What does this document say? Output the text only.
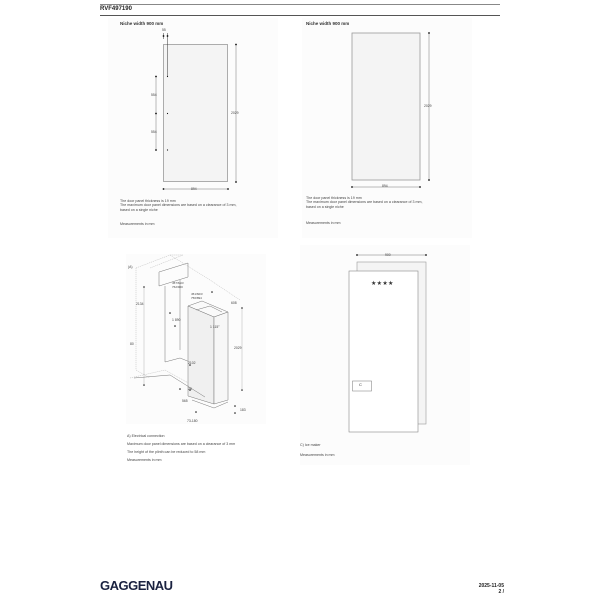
RVF497190
Niche width 900 mm
55
554
554
2029
894
The door panel thickness is 19 mm
The maximum door panel dimensions are based on a clearance of 3 mm,
based on a single niche
Measurements in mm
Niche width 900 mm
2029
894
The door panel thickness is 19 mm
The maximum door panel dimensions are based on a clearance of 3 mm,
based on a single niche
Measurements in mm
(A)
457/610/ 762/900
451/603/ 756/894
608
2134
1 890
2029
1 115°
2102
28
565
73-180
183
80
A) Electrical connection
Maximum door panel dimensions are based on a clearance of 3 mm
The height of the plinth can be reduced to 58 mm
Measurements in mm
★★★★
C
900
C) Ice maker
Measurements in mm
GAGGENAU	2025-11-05
2 /
